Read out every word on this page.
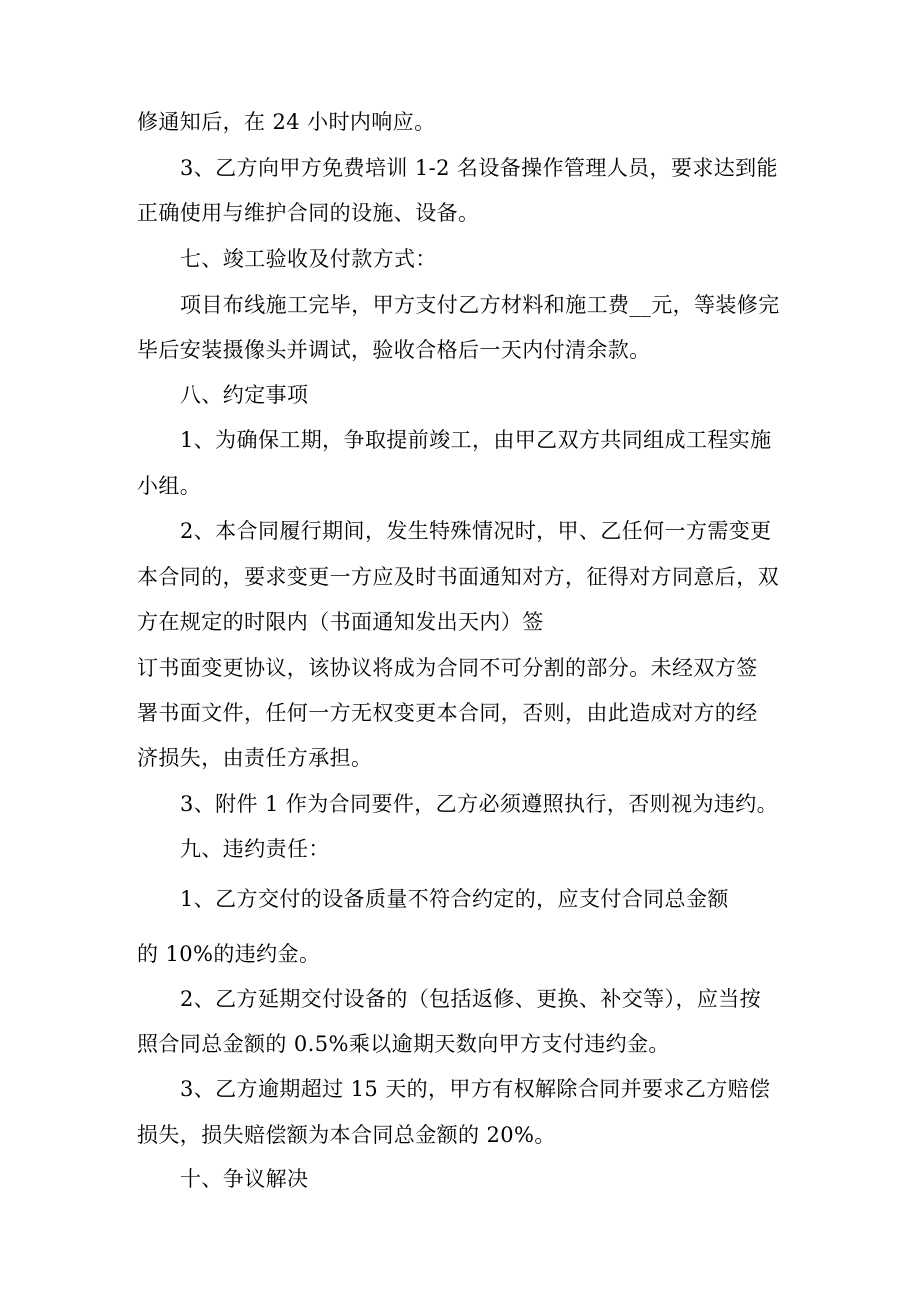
修通知后，在 24 小时内响应。
3、乙方向甲方免费培训 1-2 名设备操作管理人员，要求达到能
正确使用与维护合同的设施、设备。
七、竣工验收及付款方式：
项目布线施工完毕，甲方支付乙方材料和施工费__元，等装修完
毕后安装摄像头并调试，验收合格后一天内付清余款。
八、约定事项
1、为确保工期，争取提前竣工，由甲乙双方共同组成工程实施
小组。
2、本合同履行期间，发生特殊情况时，甲、乙任何一方需变更
本合同的，要求变更一方应及时书面通知对方，征得对方同意后，双
方在规定的时限内（书面通知发出天内）签
订书面变更协议，该协议将成为合同不可分割的部分。未经双方签
署书面文件，任何一方无权变更本合同，否则，由此造成对方的经
济损失，由责任方承担。
3、附件 1 作为合同要件，乙方必须遵照执行，否则视为违约。
九、违约责任：
1、乙方交付的设备质量不符合约定的，应支付合同总金额
的 10%的违约金。
2、乙方延期交付设备的（包括返修、更换、补交等），应当按
照合同总金额的 0.5%乘以逾期天数向甲方支付违约金。
3、乙方逾期超过 15 天的，甲方有权解除合同并要求乙方赔偿
损失，损失赔偿额为本合同总金额的 20%。
十、争议解决
